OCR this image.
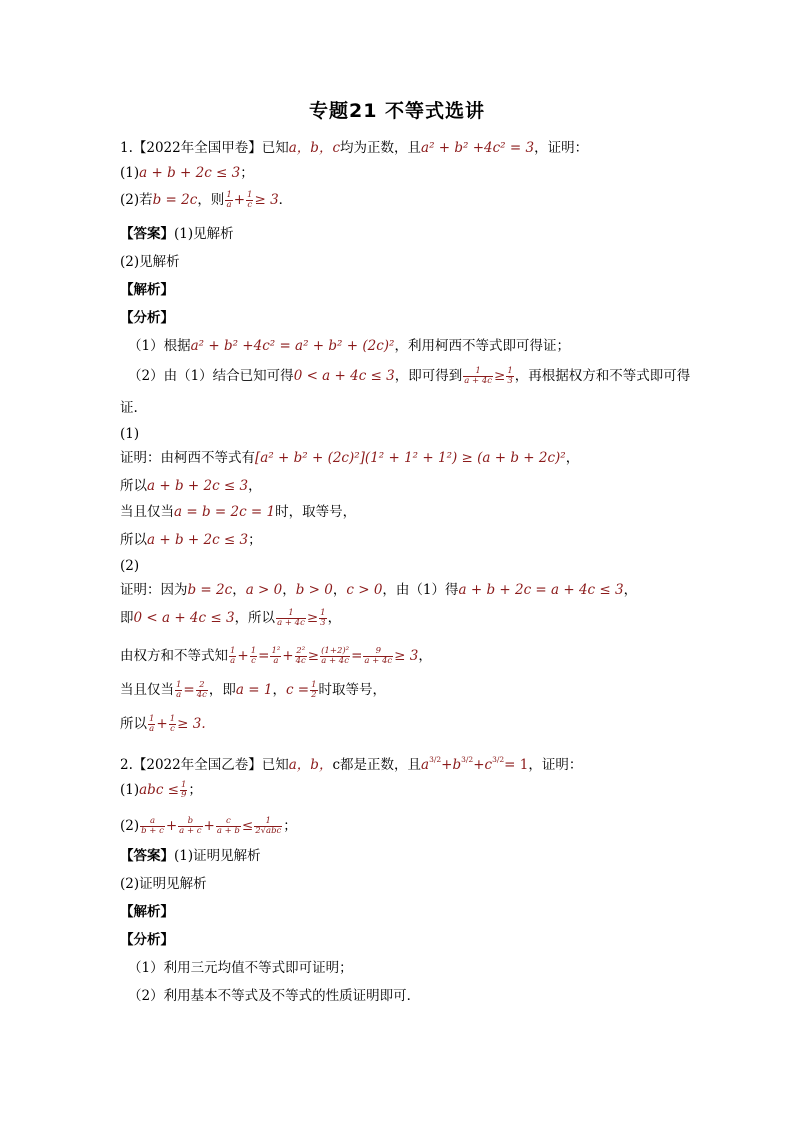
专题21 不等式选讲
1.【2022年全国甲卷】已知a，b，c均为正数，且a² + b² +4c² = 3，证明：
(1)a + b + 2c ≤ 3；
(2)若b = 2c，则 $\frac{1}{a} + \frac{1}{c} \ge 3$．
【答案】(1)见解析
(2)见解析
【解析】
【分析】
（1）根据a² + b² +4c² = a² + b² + (2c)²，利用柯西不等式即可得证；
（2）由（1）结合已知可得0 < a + 4c ≤ 3，即可得到 $\frac{1}{a + 4c} \ge \frac{1}{3}$ ，再根据权方和不等式即可得
证.
(1)
证明：由柯西不等式有[a² + b² + (2c)²](1² + 1² + 1²) ≥ (a + b + 2c)²，
所以a + b + 2c ≤ 3，
当且仅当a = b = 2c = 1时，取等号，
所以a + b + 2c ≤ 3；
(2)
证明：因为b = 2c，a > 0，b > 0，c > 0，由（1）得a + b + 2c = a + 4c ≤ 3，
即0 < a + 4c ≤ 3，所以 $\frac{1}{a + 4c} \ge \frac{1}{3}$ ，
由权方和不等式知 $\frac{1}{a} + \frac{1}{c} = \frac{\text{1²}}{a} + \frac{\text{2²}}{4c} \ge \frac{\text{(1+2)²}}{a + 4c} = \frac{9}{a + 4c} \ge 3$，
当且仅当 $\frac{1}{a} = \frac{2}{4c}$ ，即a = 1，$c = \frac{1}{2}$ 时取等号，
所以 $\frac{1}{a} + \frac{1}{c} \ge 3$.
2.【2022年全国乙卷】已知a，b，c都是正数，且$a^{3/2}+b^{3/2}+c^{3/2}= 1$，证明：
$(1)abc \le \frac{1}{9}$ ；
$(2) \frac{a}{b + c} + \frac{b}{a + c} + \frac{c}{a + b}$ ≤	1
2√abc ；
【答案】(1)证明见解析
(2)证明见解析
【解析】
【分析】
（1）利用三元均值不等式即可证明；
（2）利用基本不等式及不等式的性质证明即可．
